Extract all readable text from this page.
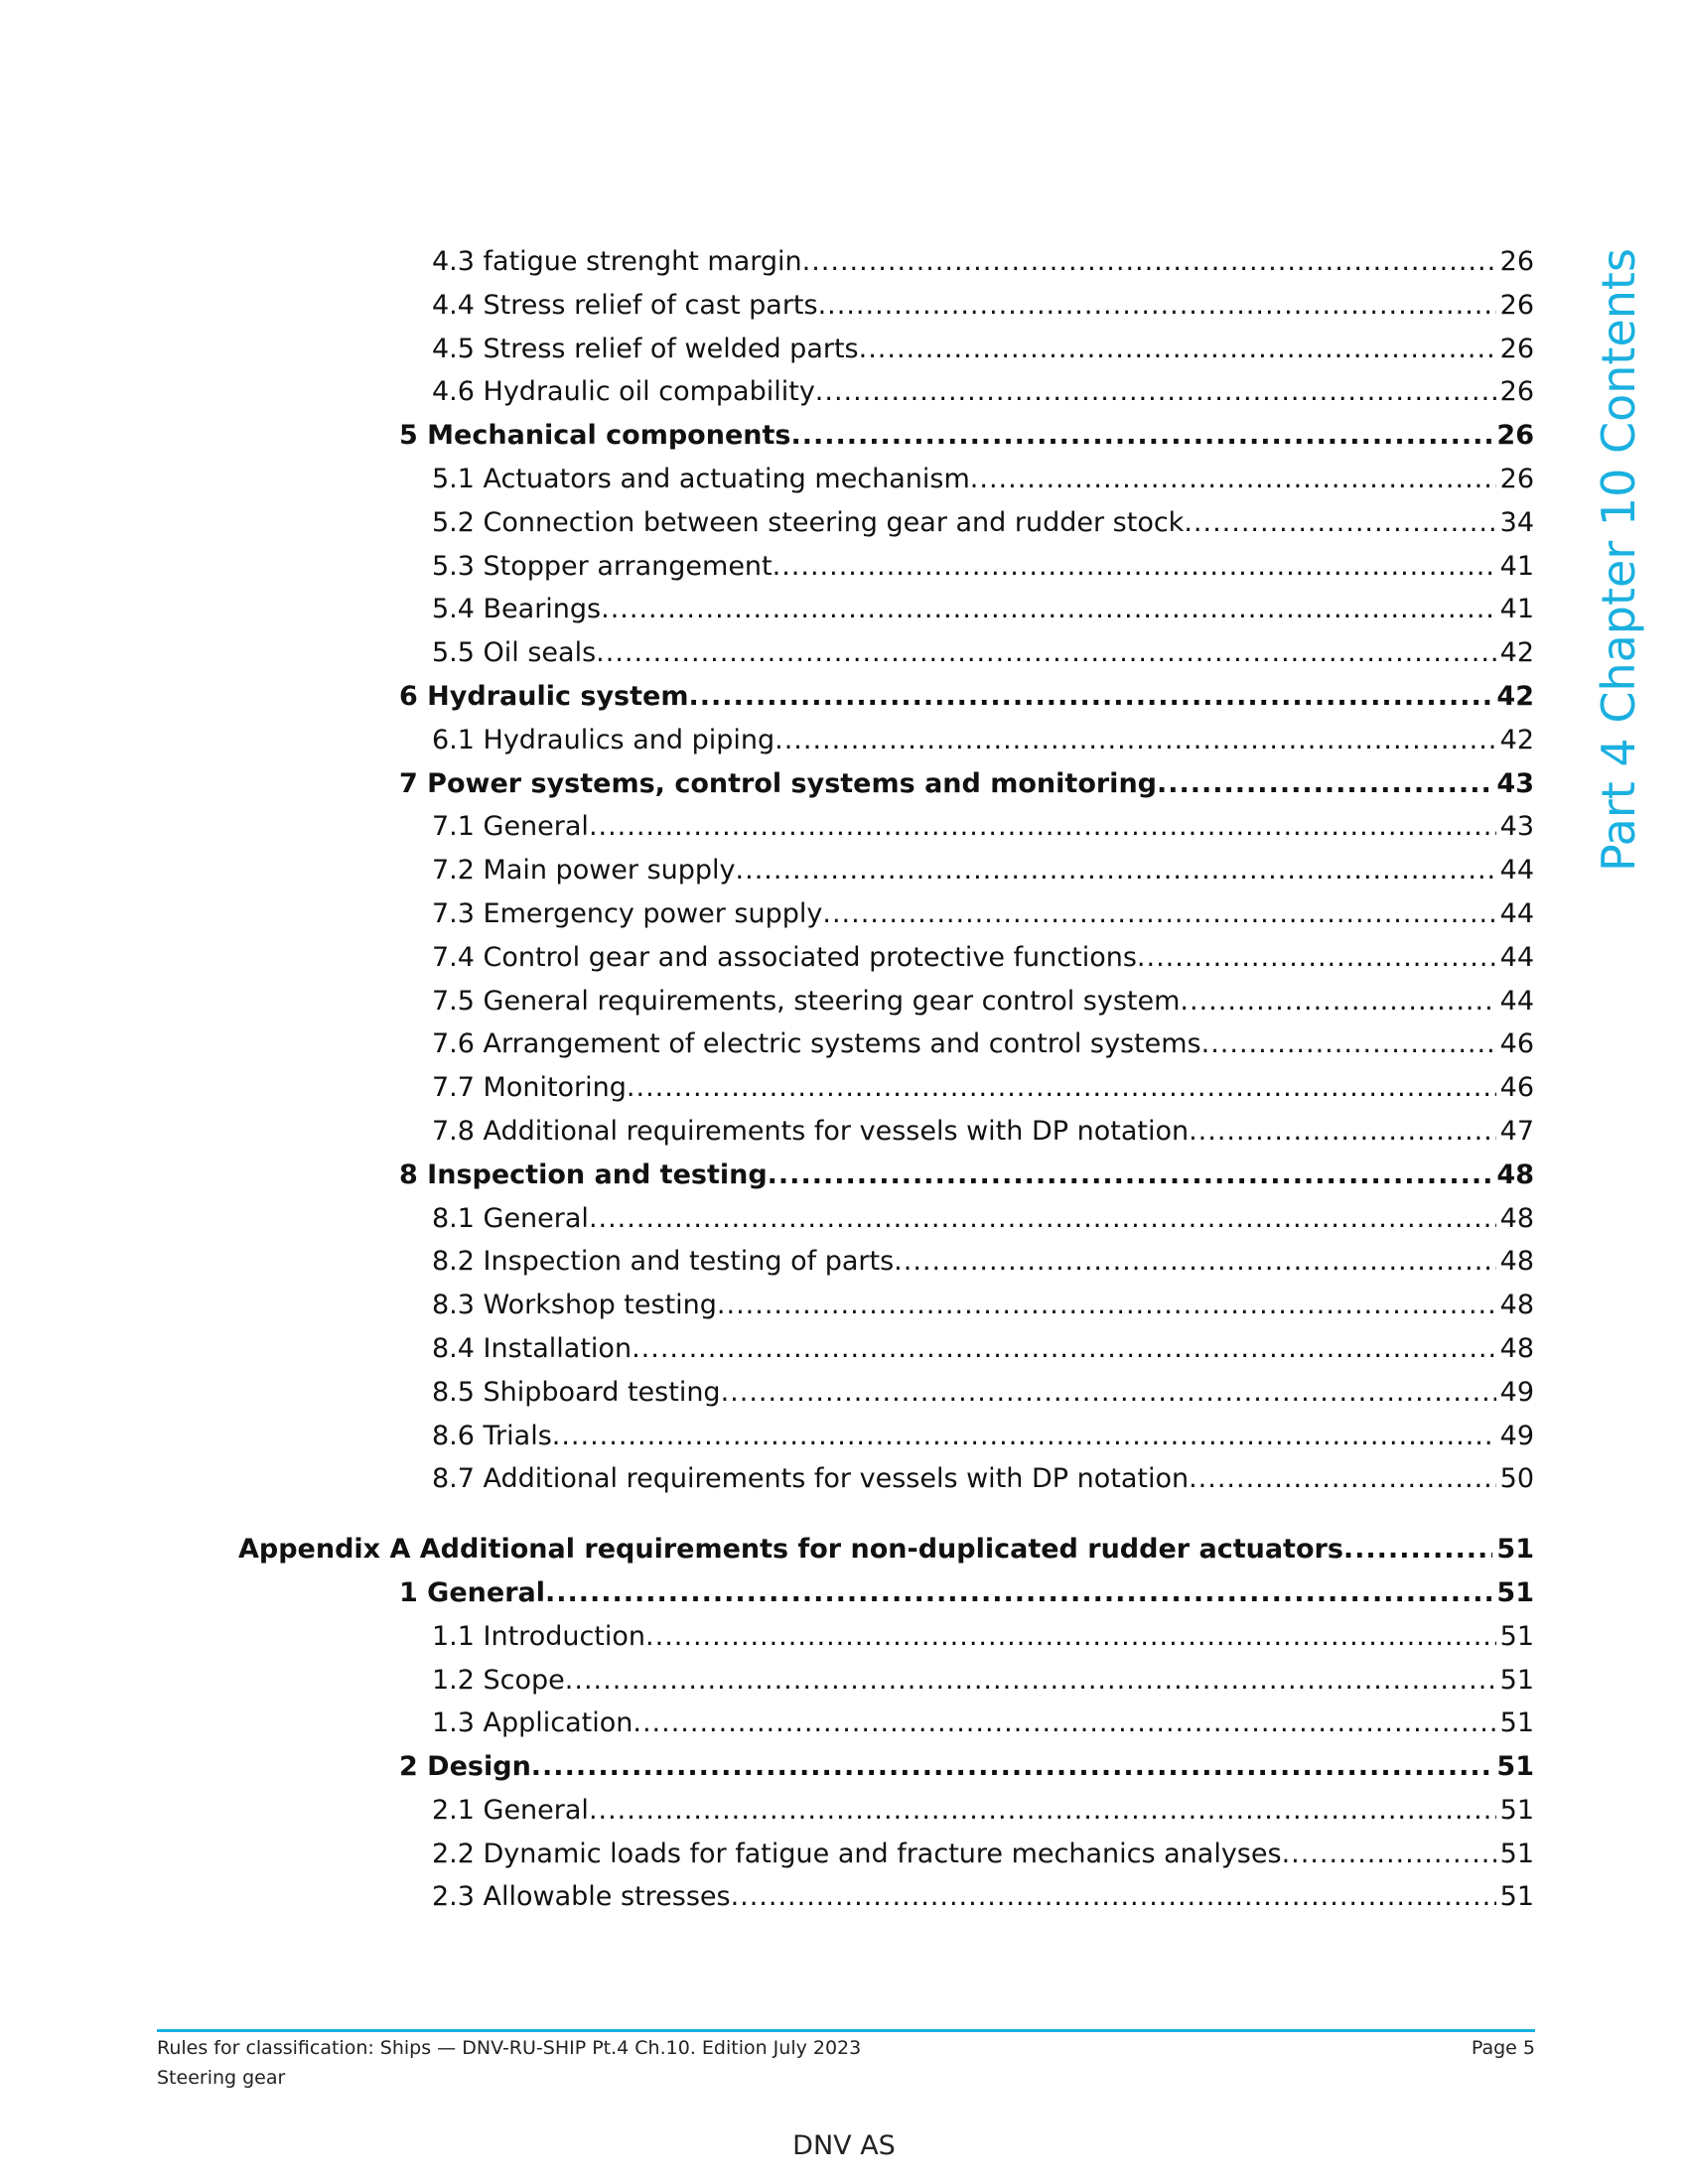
4.3 fatigue strenght margin .....	26
4.4 Stress relief of cast parts .....	26
4.5 Stress relief of welded parts .....	26
4.6 Hydraulic oil compability .....	26
5 Mechanical components .....	26
5.1 Actuators and actuating mechanism .....	26
5.2 Connection between steering gear and rudder stock .....	34
5.3 Stopper arrangement .....	41
5.4 Bearings .....	41
5.5 Oil seals .....	42
6 Hydraulic system .....	42
6.1 Hydraulics and piping .....	42
7 Power systems, control systems and monitoring .....	43
7.1 General .....	43
7.2 Main power supply .....	44
7.3 Emergency power supply .....	44
7.4 Control gear and associated protective functions .....	44
7.5 General requirements, steering gear control system .....	44
7.6 Arrangement of electric systems and control systems .....	46
7.7 Monitoring .....	46
7.8 Additional requirements for vessels with DP notation .....	47
8 Inspection and testing .....	48
8.1 General .....	48
8.2 Inspection and testing of parts .....	48
8.3 Workshop testing .....	48
8.4 Installation .....	48
8.5 Shipboard testing .....	49
8.6 Trials .....	49
8.7 Additional requirements for vessels with DP notation .....	50
Appendix A Additional requirements for non-duplicated rudder actuators .....	51
1 General .....	51
1.1 Introduction .....	51
1.2 Scope .....	51
1.3 Application .....	51
2 Design .....	51
2.1 General .....	51
2.2 Dynamic loads for fatigue and fracture mechanics analyses .....	51
2.3 Allowable stresses .....	51
Part 4 Chapter 10 Contents
Rules for classification: Ships — DNV-RU-SHIP Pt.4 Ch.10. Edition July 2023
Steering gear
Page 5
DNV AS
